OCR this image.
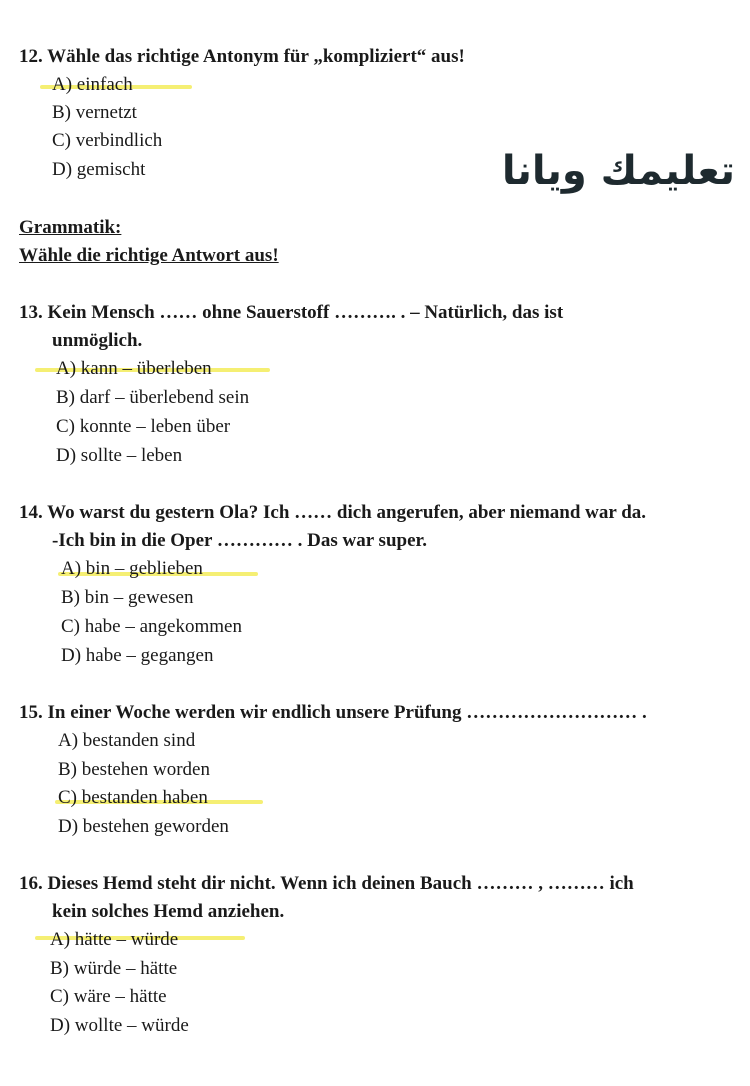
تعليمك ويانا
12. Wähle das richtige Antonym für „kompliziert“ aus!
A) einfach
B) vernetzt
C) verbindlich
D) gemischt
Grammatik:
Wähle die richtige Antwort aus!
13. Kein Mensch …… ohne Sauerstoff ………. . – Natürlich, das ist
unmöglich.
A) kann – überleben
B) darf – überlebend sein
C) konnte – leben über
D) sollte – leben
14. Wo warst du gestern Ola? Ich …… dich angerufen, aber niemand war da.
-Ich bin in die Oper ………… . Das war super.
A) bin – geblieben
B) bin – gewesen
C) habe – angekommen
D) habe – gegangen
15. In einer Woche werden wir endlich unsere Prüfung ……………………… .
A) bestanden sind
B) bestehen worden
C) bestanden haben
D) bestehen geworden
16. Dieses Hemd steht dir nicht. Wenn ich deinen Bauch ……… , ……… ich
kein solches Hemd anziehen.
A) hätte – würde
B) würde – hätte
C) wäre – hätte
D) wollte – würde
